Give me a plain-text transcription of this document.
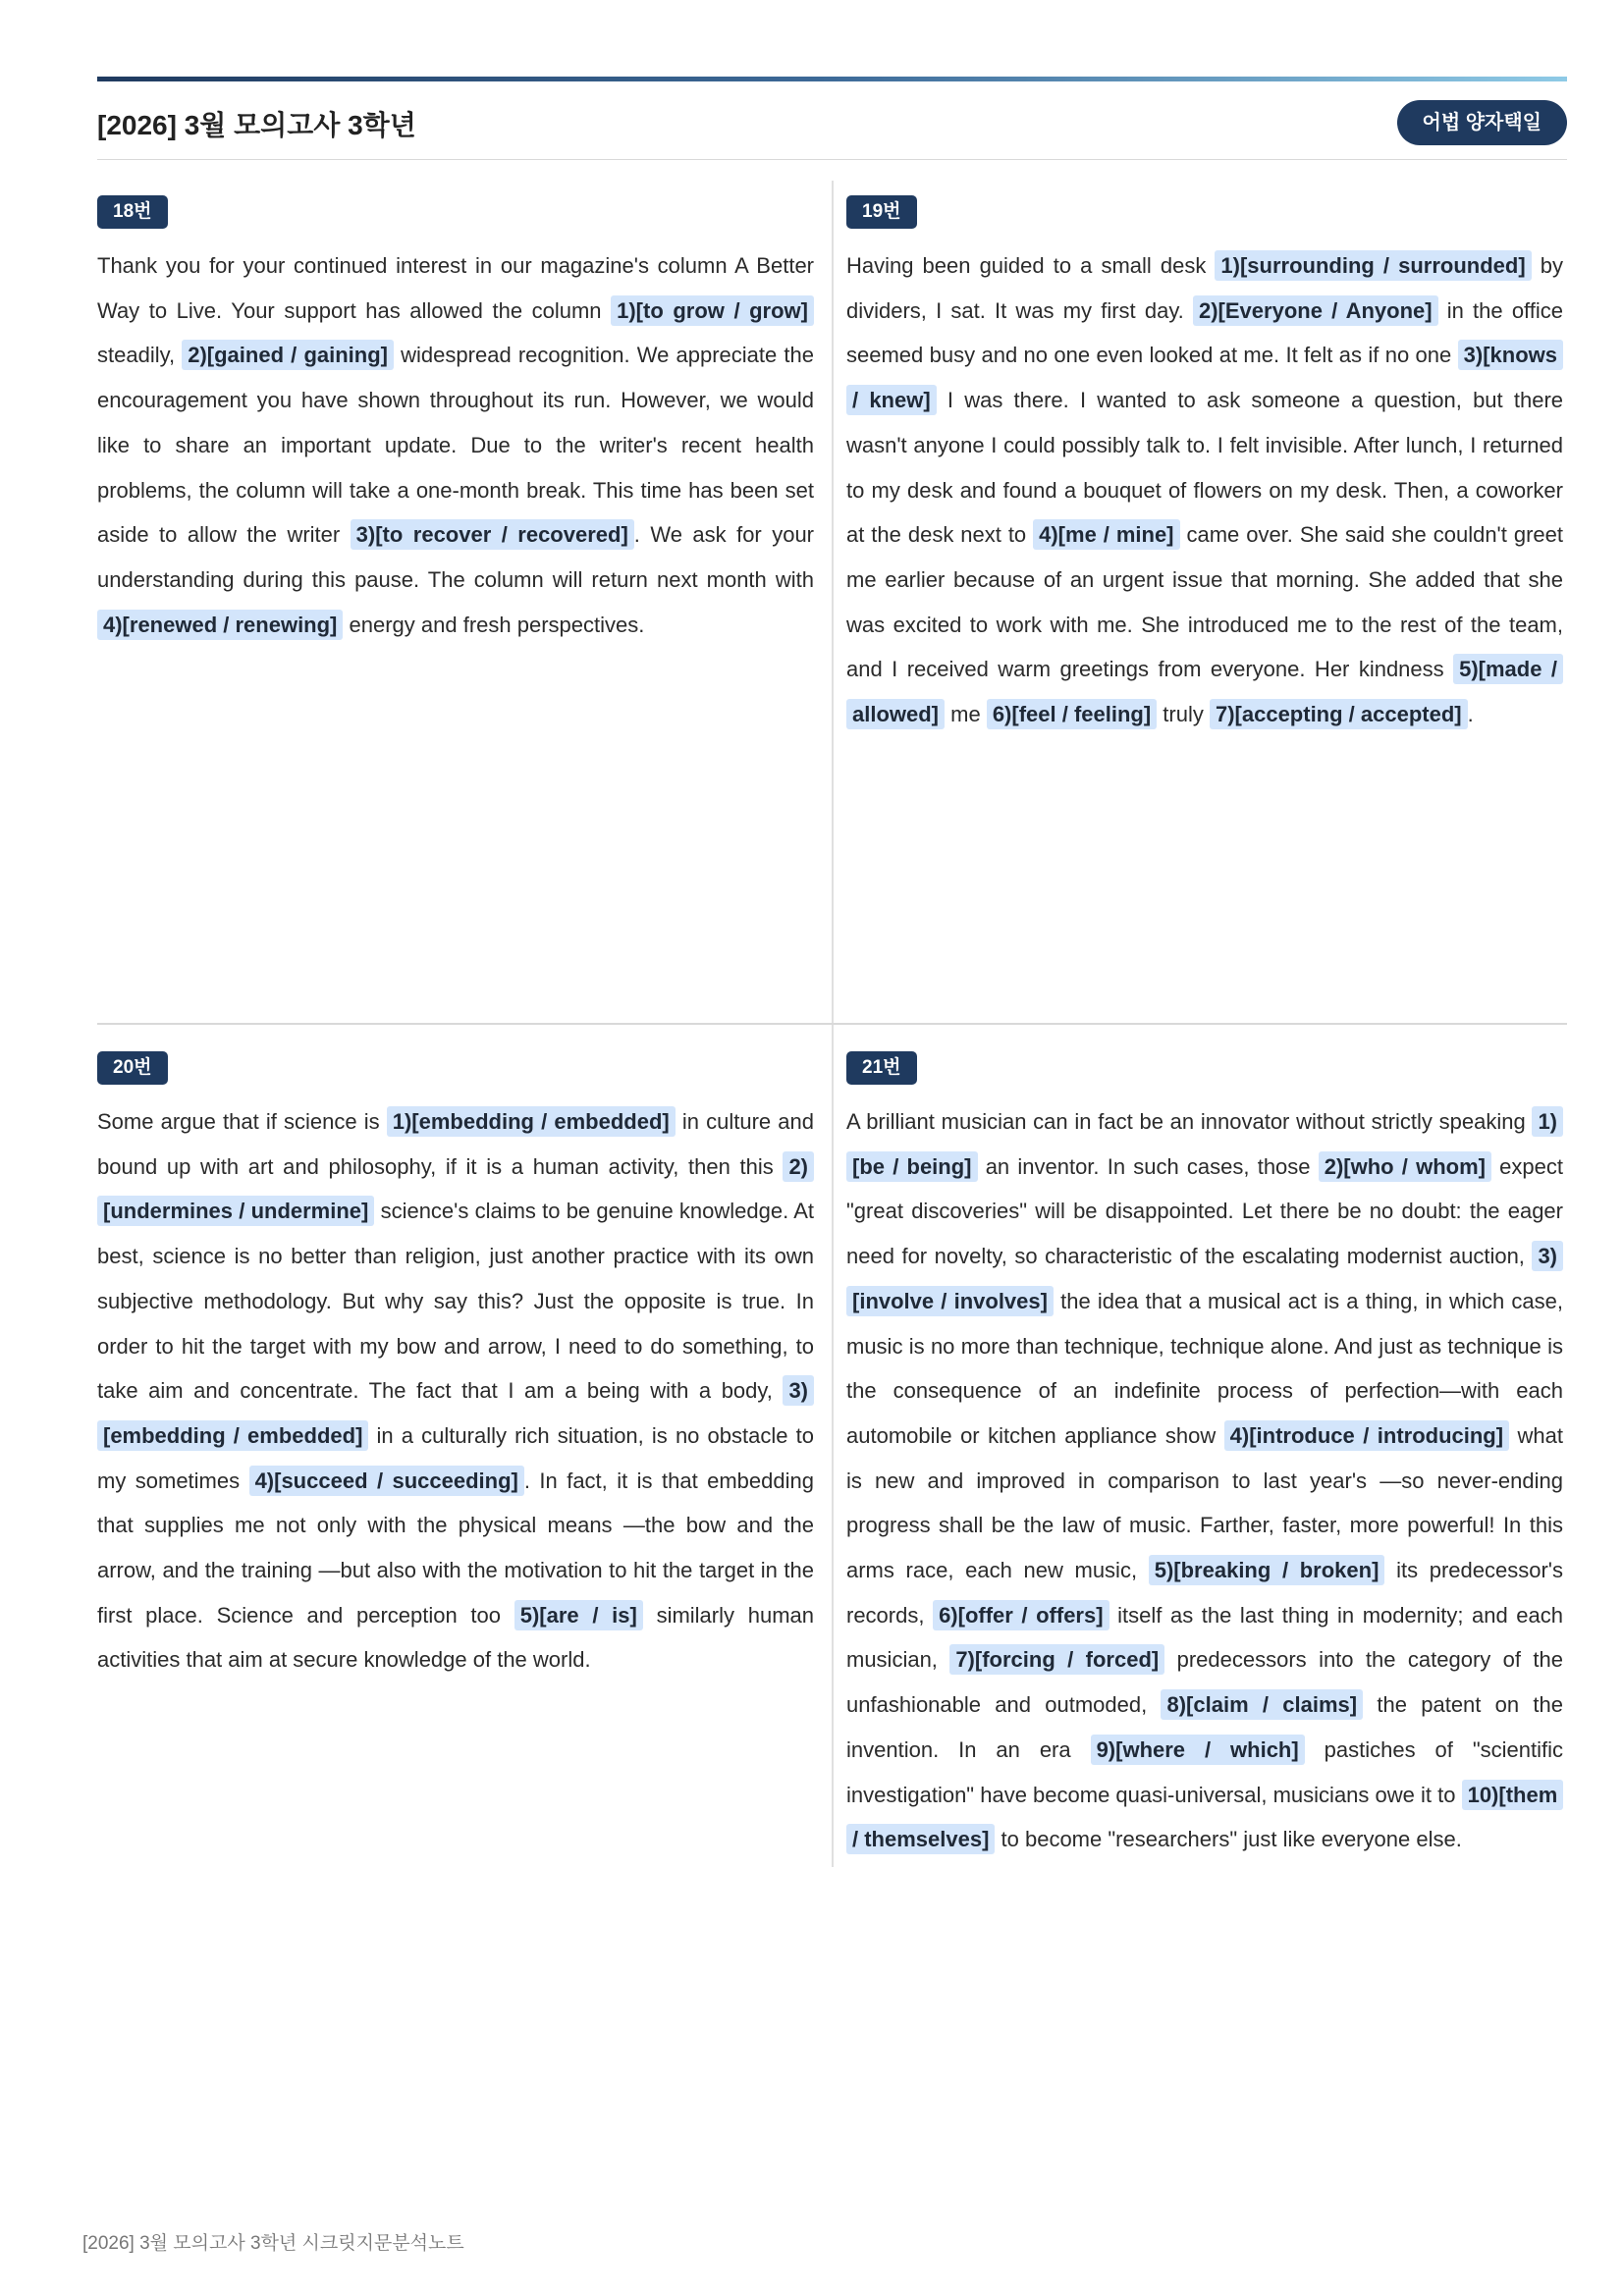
[2026] 3월 모의고사 3학년	어법 양자택일
18번

Thank you for your continued interest in our magazine's column A Better Way to Live. Your support has allowed the column 1)[to grow / grow] steadily, 2)[gained / gaining] widespread recognition. We appreciate the encouragement you have shown throughout its run. However, we would like to share an important update. Due to the writer's recent health problems, the column will take a one-month break. This time has been set aside to allow the writer 3)[to recover / recovered] . We ask for your understanding during this pause. The column will return next month with 4)[renewed / renewing] energy and fresh perspectives.

19번

Having been guided to a small desk 1)[surrounding / surrounded] by dividers, I sat. It was my first day. 2)[Everyone / Anyone] in the office seemed busy and no one even looked at me. It felt as if no one 3)[knows / knew] I was there. I wanted to ask someone a question, but there wasn't anyone I could possibly talk to. I felt invisible. After lunch, I returned to my desk and found a bouquet of flowers on my desk. Then, a coworker at the desk next to 4)[me / mine] came over. She said she couldn't greet me earlier because of an urgent issue that morning. She added that she was excited to work with me. She introduced me to the rest of the team, and I received warm greetings from everyone. Her kindness 5)[made / allowed] me 6)[feel / feeling] truly 7)[accepting / accepted] .

20번

Some argue that if science is 1)[embedding / embedded] in culture and bound up with art and philosophy, if it is a human activity, then this 2)[undermines / undermine] science's claims to be genuine knowledge. At best, science is no better than religion, just another practice with its own subjective methodology. But why say this? Just the opposite is true. In order to hit the target with my bow and arrow, I need to do something, to take aim and concentrate. The fact that I am a being with a body, 3)[embedding / embedded] in a culturally rich situation, is no obstacle to my sometimes 4)[succeed / succeeding] . In fact, it is that embedding that supplies me not only with the physical means —the bow and the arrow, and the training —but also with the motivation to hit the target in the first place. Science and perception too 5)[are / is] similarly human activities that aim at secure knowledge of the world.

21번

A brilliant musician can in fact be an innovator without strictly speaking 1)[be / being] an inventor. In such cases, those 2)[who / whom] expect "great discoveries" will be disappointed. Let there be no doubt: the eager need for novelty, so characteristic of the escalating modernist auction, 3)[involve / involves] the idea that a musical act is a thing, in which case, music is no more than technique, technique alone. And just as technique is the consequence of an indefinite process of perfection—with each automobile or kitchen appliance show 4)[introduce / introducing] what is new and improved in comparison to last year's —so never-ending progress shall be the law of music. Farther, faster, more powerful! In this arms race, each new music, 5)[breaking / broken] its predecessor's records, 6)[offer / offers] itself as the last thing in modernity; and each musician, 7)[forcing / forced] predecessors into the category of the unfashionable and outmoded, 8)[claim / claims] the patent on the invention. In an era 9)[where / which] pastiches of "scientific investigation" have become quasi-universal, musicians owe it to 10)[them / themselves] to become "researchers" just like everyone else.

[2026] 3월 모의고사 3학년 시크릿지문분석노트
